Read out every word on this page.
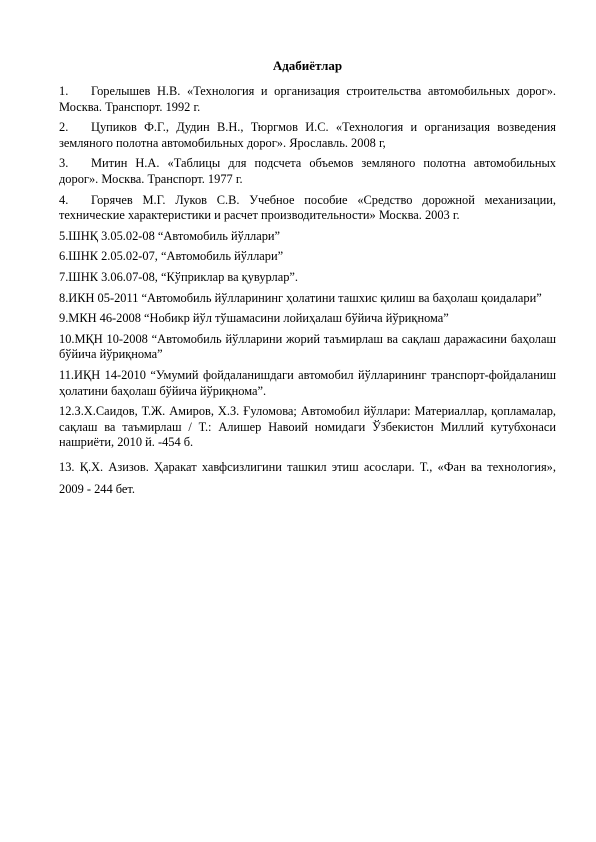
Адабиётлар
1. Горелышев Н.В. «Технология и организация строительства автомобильных дорог». Москва. Транспорт. 1992 г.
2. Цупиков Ф.Г., Дудин В.Н., Тюргмов И.С. «Технология и организация возведения земляного полотна автомобильных дорог». Ярославль. 2008 г,
3. Митин Н.А. «Таблицы для подсчета объемов земляного полотна автомобильных дорог». Москва. Транспорт. 1977 г.
4. Горячев М.Г. Луков С.В. Учебное пособие «Средство дорожной механизации, технические характеристики и расчет производительности» Москва. 2003 г.
5.ШНҚ 3.05.02-08 “Автомобиль йўллари”
6.ШНК 2.05.02-07, “Автомобиль йўллари”
7.ШНК 3.06.07-08, “Кўприклар ва қувурлар”.
8.ИКН 05-2011 “Автомобиль йўлларининг ҳолатини ташхис қилиш ва баҳолаш қоидалари”
9.МКН 46-2008 “Нобикр йўл тўшамасини лойиҳалаш бўйича йўриқнома”
10.МҚН 10-2008 “Автомобиль йўлларини жорий таъмирлаш ва сақлаш даражасини баҳолаш бўйича йўриқнома”
11.ИҚН 14-2010 “Умумий фойдаланишдаги автомобил йўлларининг транспорт-фойдаланиш ҳолатини баҳолаш бўйича йўриқнома”.
12.З.Х.Саидов, Т.Ж. Амиров, Х.З. Ғуломова; Автомобил йўллари: Материаллар, қопламалар, сақлаш ва таъмирлаш / Т.: Алишер Навоий номидаги Ўзбекистон Миллий кутубхонаси нашриёти, 2010 й. -454 б.
13. Қ.Х. Азизов. Ҳаракат хавфсизлигини ташкил этиш асослари. Т., «Фан ва технология», 2009 - 244 бет.
